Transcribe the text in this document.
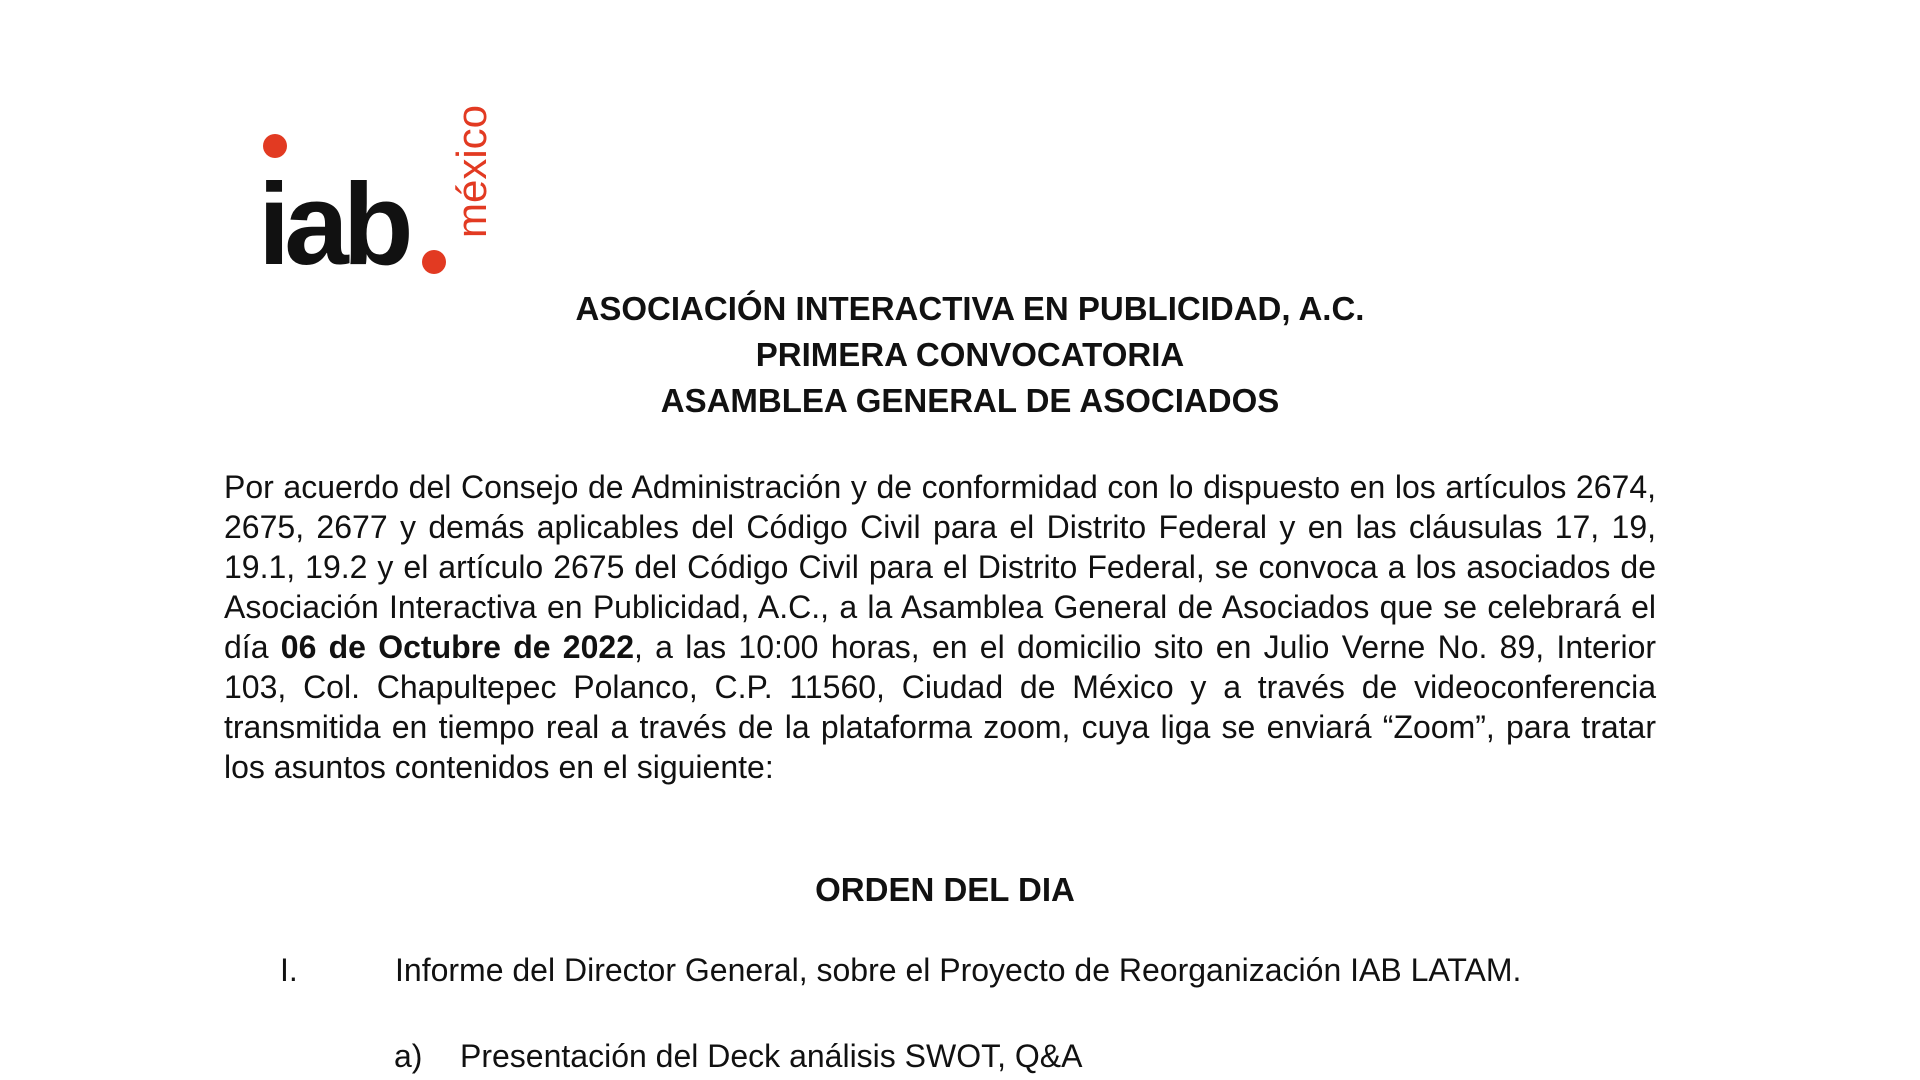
iab méxico

ASOCIACIÓN INTERACTIVA EN PUBLICIDAD, A.C.

PRIMERA CONVOCATORIA

ASAMBLEA GENERAL DE ASOCIADOS

Por acuerdo del Consejo de Administración y de conformidad con lo dispuesto en los artículos 2674, 2675, 2677 y demás aplicables del Código Civil para el Distrito Federal y en las cláusulas 17, 19, 19.1, 19.2 y el artículo 2675 del Código Civil para el Distrito Federal, se convoca a los asociados de Asociación Interactiva en Publicidad, A.C., a la Asamblea General de Asociados que se celebrará el día 06 de Octubre de 2022, a las 10:00 horas, en el domicilio sito en Julio Verne No. 89, Interior 103, Col. Chapultepec Polanco, C.P. 11560, Ciudad de México y a través de videoconferencia transmitida en tiempo real a través de la plataforma zoom, cuya liga se enviará “Zoom”, para tratar los asuntos contenidos en el siguiente:

ORDEN DEL DIA

I.	Informe del Director General, sobre el Proyecto de Reorganización IAB LATAM.
a) Presentación del Deck análisis SWOT, Q&A
